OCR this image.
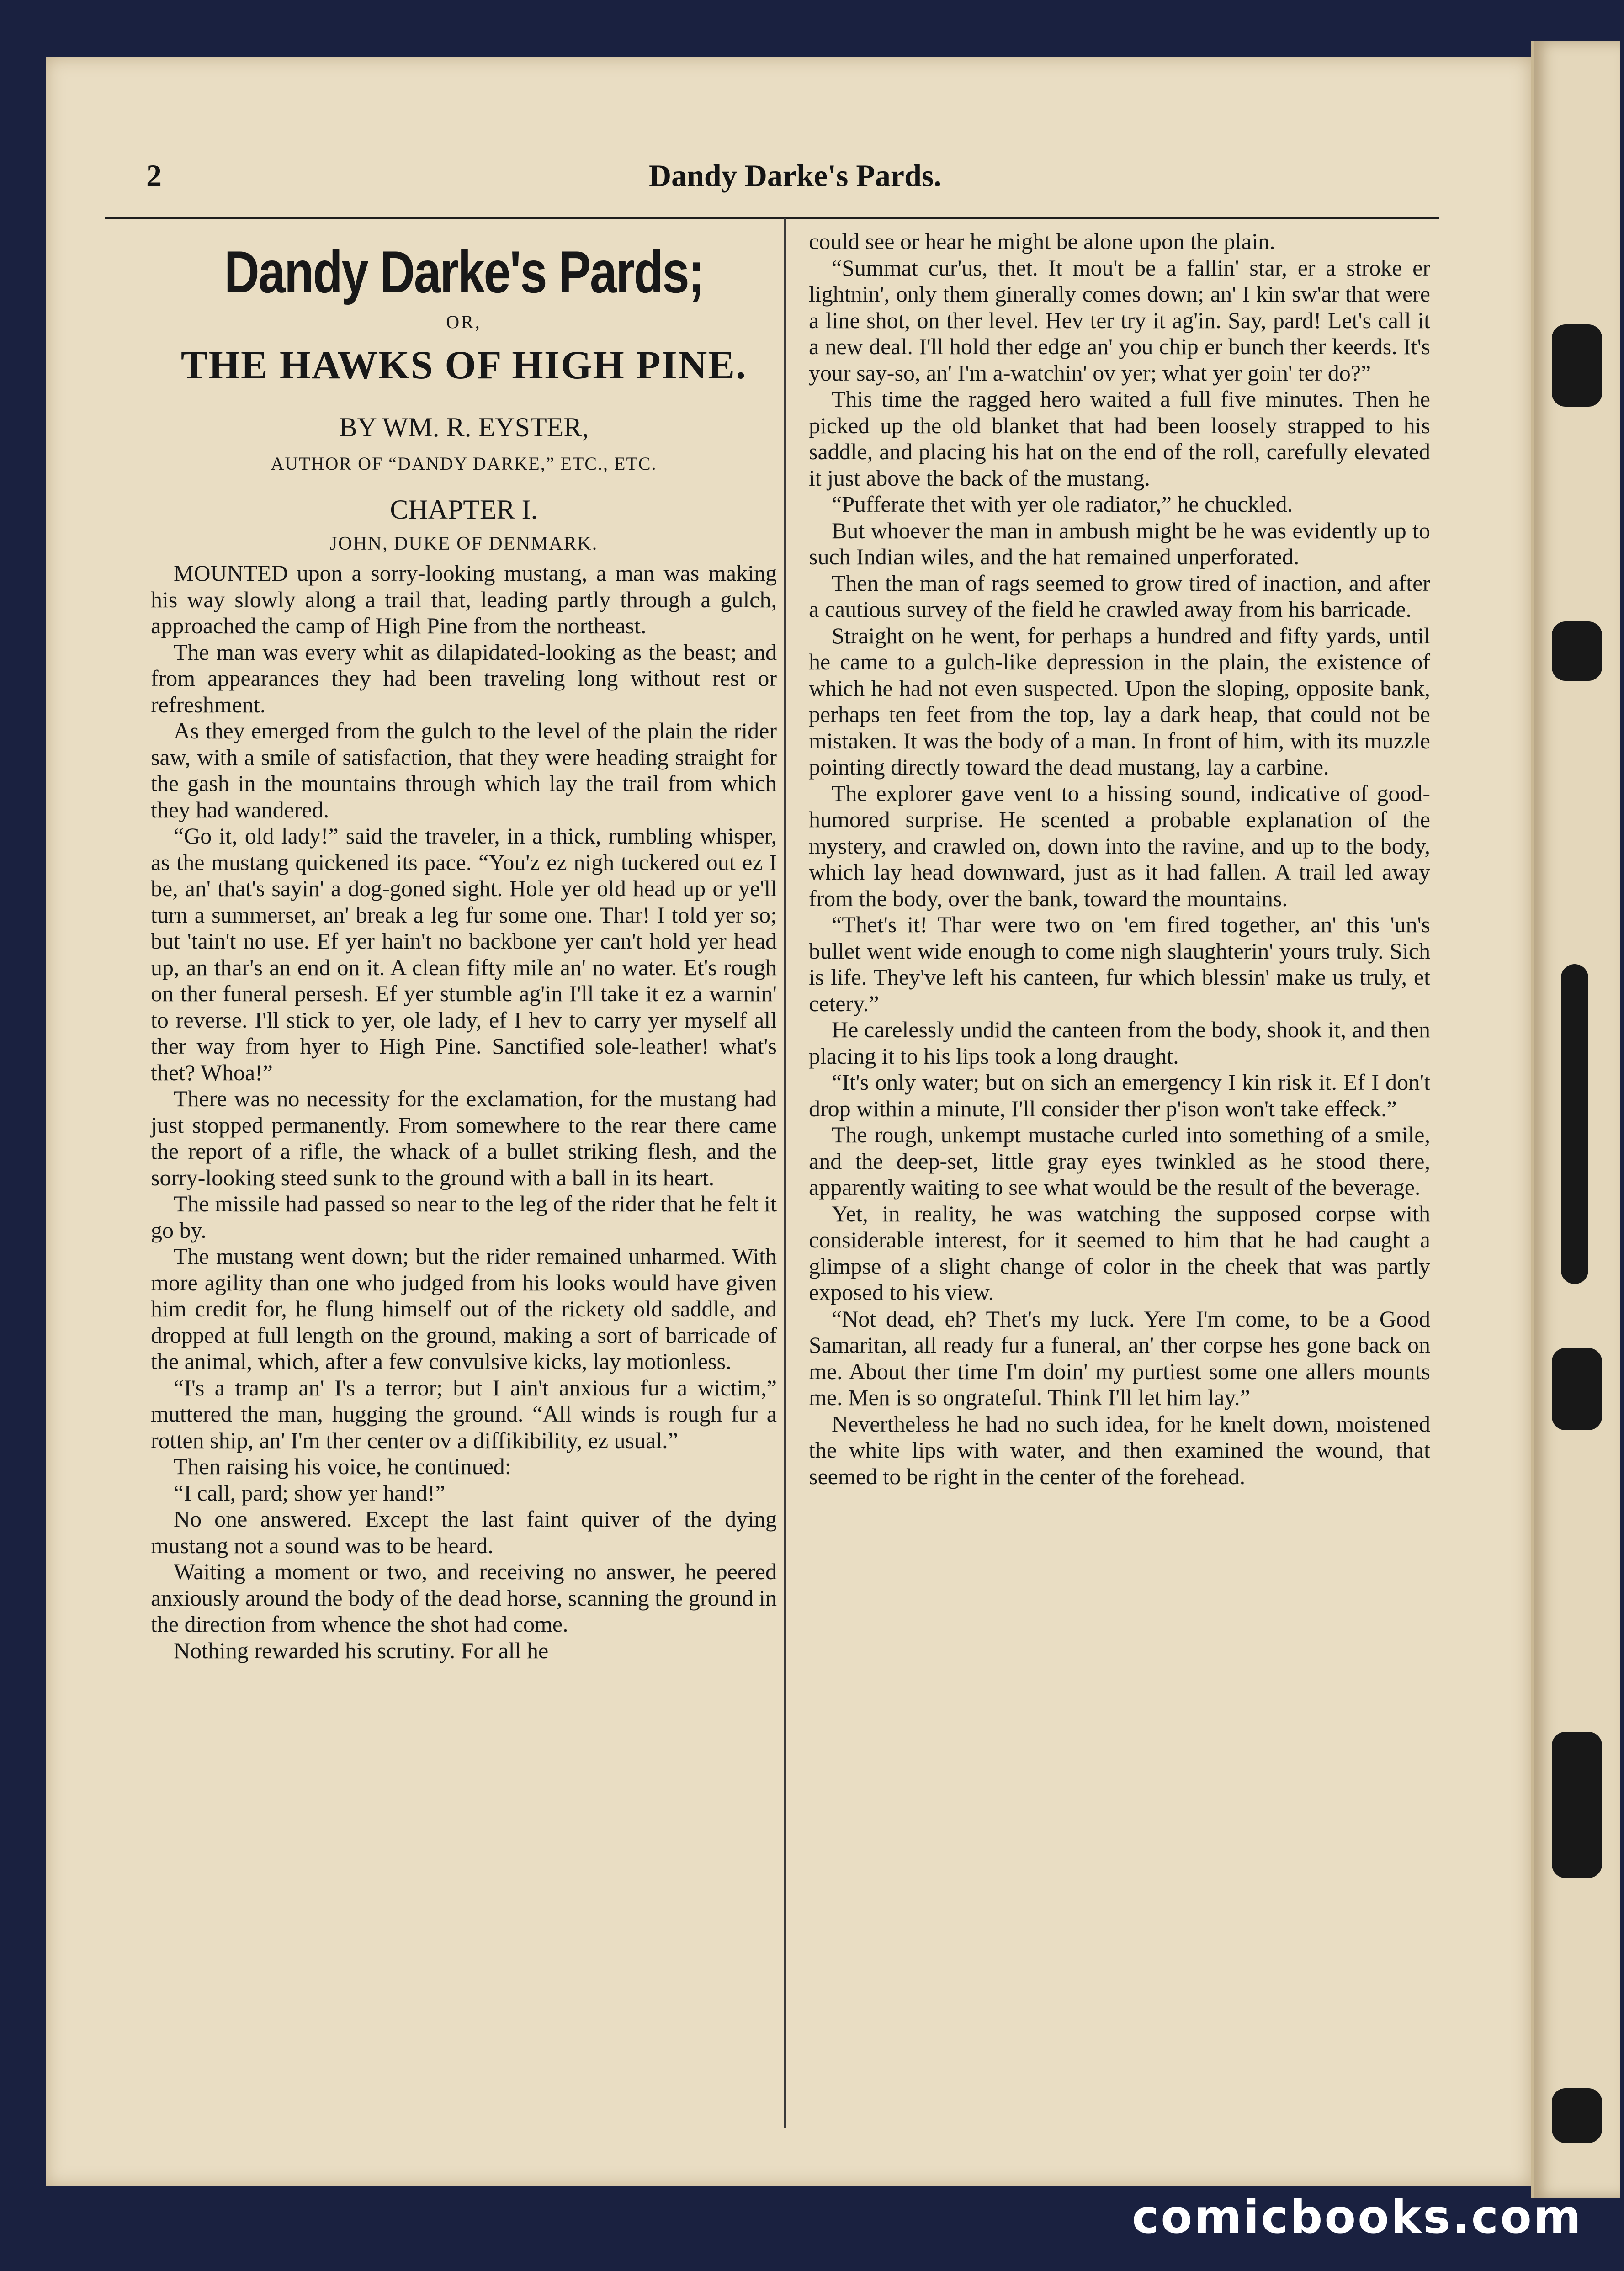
2	Dandy Darke's Pards.
Dandy Darke's Pards;
OR,
THE HAWKS OF HIGH PINE.
BY WM. R. EYSTER,
AUTHOR OF “DANDY DARKE,” ETC., ETC.
CHAPTER I.
JOHN, DUKE OF DENMARK.

MOUNTED upon a sorry-looking mustang, a man was making his way slowly along a trail that, leading partly through a gulch, approached the camp of High Pine from the northeast.

The man was every whit as dilapidated-looking as the beast; and from appearances they had been traveling long without rest or refreshment.

As they emerged from the gulch to the level of the plain the rider saw, with a smile of satisfaction, that they were heading straight for the gash in the mountains through which lay the trail from which they had wandered.

“Go it, old lady!” said the traveler, in a thick, rumbling whisper, as the mustang quickened its pace. “You'z ez nigh tuckered out ez I be, an' that's sayin' a dog-goned sight. Hole yer old head up or ye'll turn a summerset, an' break a leg fur some one. Thar! I told yer so; but 'tain't no use. Ef yer hain't no backbone yer can't hold yer head up, an thar's an end on it. A clean fifty mile an' no water. Et's rough on ther funeral persesh. Ef yer stumble ag'in I'll take it ez a warnin' to reverse. I'll stick to yer, ole lady, ef I hev to carry yer myself all ther way from hyer to High Pine. Sanctified sole-leather! what's thet? Whoa!”

There was no necessity for the exclamation, for the mustang had just stopped permanently. From somewhere to the rear there came the report of a rifle, the whack of a bullet striking flesh, and the sorry-looking steed sunk to the ground with a ball in its heart.

The missile had passed so near to the leg of the rider that he felt it go by.

The mustang went down; but the rider remained unharmed. With more agility than one who judged from his looks would have given him credit for, he flung himself out of the rickety old saddle, and dropped at full length on the ground, making a sort of barricade of the animal, which, after a few convulsive kicks, lay motionless.

“I's a tramp an' I's a terror; but I ain't anxious fur a wictim,” muttered the man, hugging the ground. “All winds is rough fur a rotten ship, an' I'm ther center ov a diffikibility, ez usual.”

Then raising his voice, he continued:

“I call, pard; show yer hand!”

No one answered. Except the last faint quiver of the dying mustang not a sound was to be heard.

Waiting a moment or two, and receiving no answer, he peered anxiously around the body of the dead horse, scanning the ground in the direction from whence the shot had come.

Nothing rewarded his scrutiny. For all he

could see or hear he might be alone upon the plain.

“Summat cur'us, thet. It mou't be a fallin' star, er a stroke er lightnin', only them ginerally comes down; an' I kin sw'ar that were a line shot, on ther level. Hev ter try it ag'in. Say, pard! Let's call it a new deal. I'll hold ther edge an' you chip er bunch ther keerds. It's your say-so, an' I'm a-watchin' ov yer; what yer goin' ter do?”

This time the ragged hero waited a full five minutes. Then he picked up the old blanket that had been loosely strapped to his saddle, and placing his hat on the end of the roll, carefully elevated it just above the back of the mustang.

“Pufferate thet with yer ole radiator,” he chuckled.

But whoever the man in ambush might be he was evidently up to such Indian wiles, and the hat remained unperforated.

Then the man of rags seemed to grow tired of inaction, and after a cautious survey of the field he crawled away from his barricade.

Straight on he went, for perhaps a hundred and fifty yards, until he came to a gulch-like depression in the plain, the existence of which he had not even suspected. Upon the sloping, opposite bank, perhaps ten feet from the top, lay a dark heap, that could not be mistaken. It was the body of a man. In front of him, with its muzzle pointing directly toward the dead mustang, lay a carbine.

The explorer gave vent to a hissing sound, indicative of good-humored surprise. He scented a probable explanation of the mystery, and crawled on, down into the ravine, and up to the body, which lay head downward, just as it had fallen. A trail led away from the body, over the bank, toward the mountains.

“Thet's it! Thar were two on 'em fired together, an' this 'un's bullet went wide enough to come nigh slaughterin' yours truly. Sich is life. They've left his canteen, fur which blessin' make us truly, et cetery.”

He carelessly undid the canteen from the body, shook it, and then placing it to his lips took a long draught.

“It's only water; but on sich an emergency I kin risk it. Ef I don't drop within a minute, I'll consider ther p'ison won't take effeck.”

The rough, unkempt mustache curled into something of a smile, and the deep-set, little gray eyes twinkled as he stood there, apparently waiting to see what would be the result of the beverage.

Yet, in reality, he was watching the supposed corpse with considerable interest, for it seemed to him that he had caught a glimpse of a slight change of color in the cheek that was partly exposed to his view.

“Not dead, eh? Thet's my luck. Yere I'm come, to be a Good Samaritan, all ready fur a funeral, an' ther corpse hes gone back on me. About ther time I'm doin' my purtiest some one allers mounts me. Men is so ongrateful. Think I'll let him lay.”

Nevertheless he had no such idea, for he knelt down, moistened the white lips with water, and then examined the wound, that seemed to be right in the center of the forehead.

comicbooks.com
